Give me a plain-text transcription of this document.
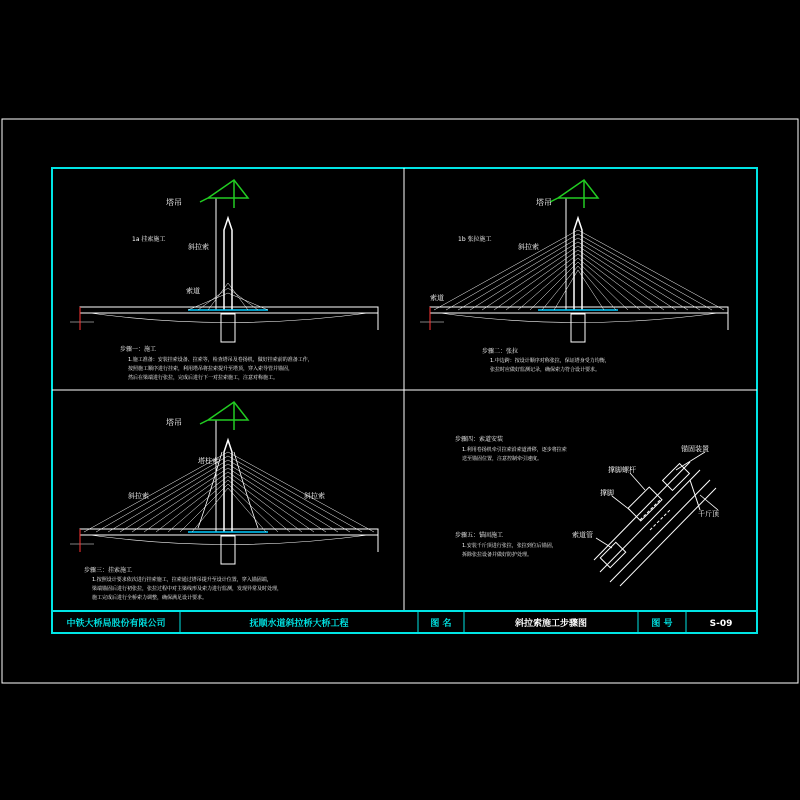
中铁大桥局股份有限公司	抚顺水道斜拉桥大桥工程	图 名	斜拉索施工步骤图	图 号	S-09
塔吊
1a 挂索施工
斜拉索
索道
步骤一：施工
1.施工准备：安装挂索设备、拉索等，检查塔吊及卷扬机，做好挂索前的准备工作，
按照施工顺序进行挂索，利用塔吊将拉索提升至塔顶，穿入索导管并锚固，
然后在梁端进行张拉，完成后进行下一对拉索施工，注意对称施工。
塔吊
1b 张拉施工
斜拉索
索道
步骤二：张拉
1.中边跨：按设计顺序对称张拉，保证塔身受力均衡，
张拉时应做好监测记录，确保索力符合设计要求。
塔吊
塔柱索
斜拉索	斜拉索
步骤三：挂索施工
1.按照设计要求依次进行挂索施工，拉索通过塔吊提升至设计位置，穿入锚固端，
梁端锚固后进行初张拉，张拉过程中对主梁线形及索力进行监测，发现异常及时处理，
施工完成后进行全桥索力调整，确保满足设计要求。
锚固装置
撑脚螺杆
撑脚
千斤顶
索道管
步骤四：索道安装
1.利用卷扬机牵引拉索沿索道滑移，逐步将拉索
送至锚固位置，注意控制牵引速度。
步骤五：锚固施工
1.安装千斤顶进行张拉，张拉到位后锚固，
拆除张拉设备并做好防护处理。
